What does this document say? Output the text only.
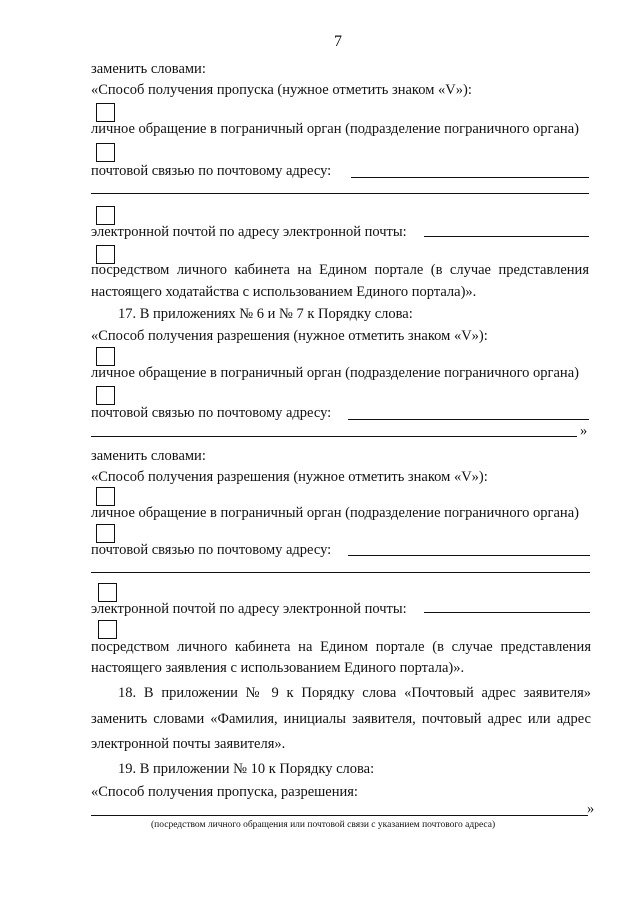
7
заменить словами:
«Способ получения пропуска (нужное отметить знаком «V»):
личное обращение в пограничный орган (подразделение пограничного органа)
почтовой связью по почтовому адресу:
электронной почтой по адресу электронной почты:
посредством личного кабинета на Едином портале (в случае представления
настоящего ходатайства с использованием Единого портала)».
17. В приложениях № 6 и № 7 к Порядку слова:
«Способ получения разрешения (нужное отметить знаком «V»):
личное обращение в пограничный орган (подразделение пограничного органа)
почтовой связью по почтовому адресу:
»
заменить словами:
«Способ получения разрешения (нужное отметить знаком «V»):
личное обращение в пограничный орган (подразделение пограничного органа)
почтовой связью по почтовому адресу:
электронной почтой по адресу электронной почты:
посредством личного кабинета на Едином портале (в случае представления
настоящего заявления с использованием Единого портала)».
18. В приложении № 9 к Порядку слова «Почтовый адрес заявителя»
заменить словами «Фамилия, инициалы заявителя, почтовый адрес или адрес
электронной почты заявителя».
19. В приложении № 10 к Порядку слова:
«Способ получения пропуска, разрешения:
»
(посредством личного обращения или почтовой связи с указанием почтового адреса)
